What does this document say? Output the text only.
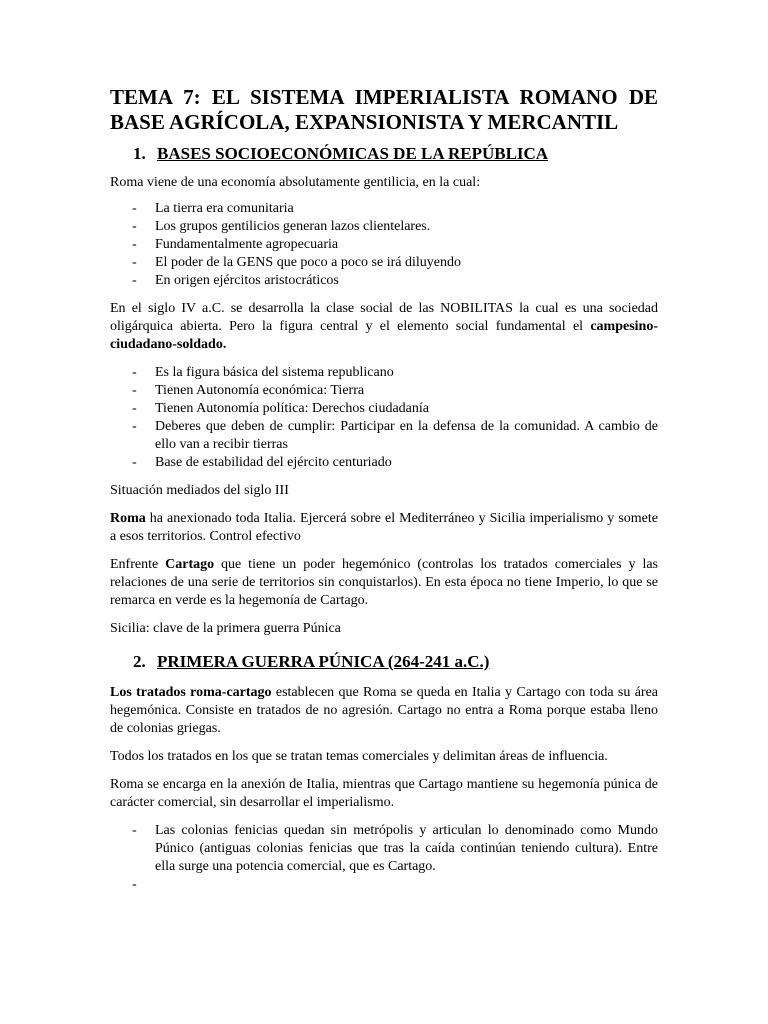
TEMA 7: EL SISTEMA IMPERIALISTA ROMANO DE BASE AGRÍCOLA, EXPANSIONISTA Y MERCANTIL
1. BASES SOCIOECONÓMICAS DE LA REPÚBLICA

Roma viene de una economía absolutamente gentilicia, en la cual:

-	La tierra era comunitaria
-	Los grupos gentilicios generan lazos clientelares.
-	Fundamentalmente agropecuaria
-	El poder de la GENS que poco a poco se irá diluyendo
-	En origen ejércitos aristocráticos

En el siglo IV a.C. se desarrolla la clase social de las NOBILITAS la cual es una sociedad oligárquica abierta. Pero la figura central y el elemento social fundamental el campesino-ciudadano-soldado.

-	Es la figura básica del sistema republicano
-	Tienen Autonomía económica: Tierra
-	Tienen Autonomía política: Derechos ciudadanía
-	Deberes que deben de cumplir: Participar en la defensa de la comunidad. A cambio de ello van a recibir tierras
-	Base de estabilidad del ejército centuriado

Situación mediados del siglo III

Roma ha anexionado toda Italia. Ejercerá sobre el Mediterráneo y Sicilia imperialismo y somete a esos territorios. Control efectivo

Enfrente Cartago que tiene un poder hegemónico (controlas los tratados comerciales y las relaciones de una serie de territorios sin conquistarlos). En esta época no tiene Imperio, lo que se remarca en verde es la hegemonía de Cartago.

Sicilia: clave de la primera guerra Púnica

2. PRIMERA GUERRA PÚNICA (264-241 a.C.)

Los tratados roma-cartago establecen que Roma se queda en Italia y Cartago con toda su área hegemónica. Consiste en tratados de no agresión. Cartago no entra a Roma porque estaba lleno de colonias griegas.

Todos los tratados en los que se tratan temas comerciales y delimitan áreas de influencia.

Roma se encarga en la anexión de Italia, mientras que Cartago mantiene su hegemonía púnica de carácter comercial, sin desarrollar el imperialismo.

-	Las colonias fenicias quedan sin metrópolis y articulan lo denominado como Mundo Púnico (antiguas colonias fenicias que tras la caída continúan teniendo cultura). Entre ella surge una potencia comercial, que es Cartago.
-
